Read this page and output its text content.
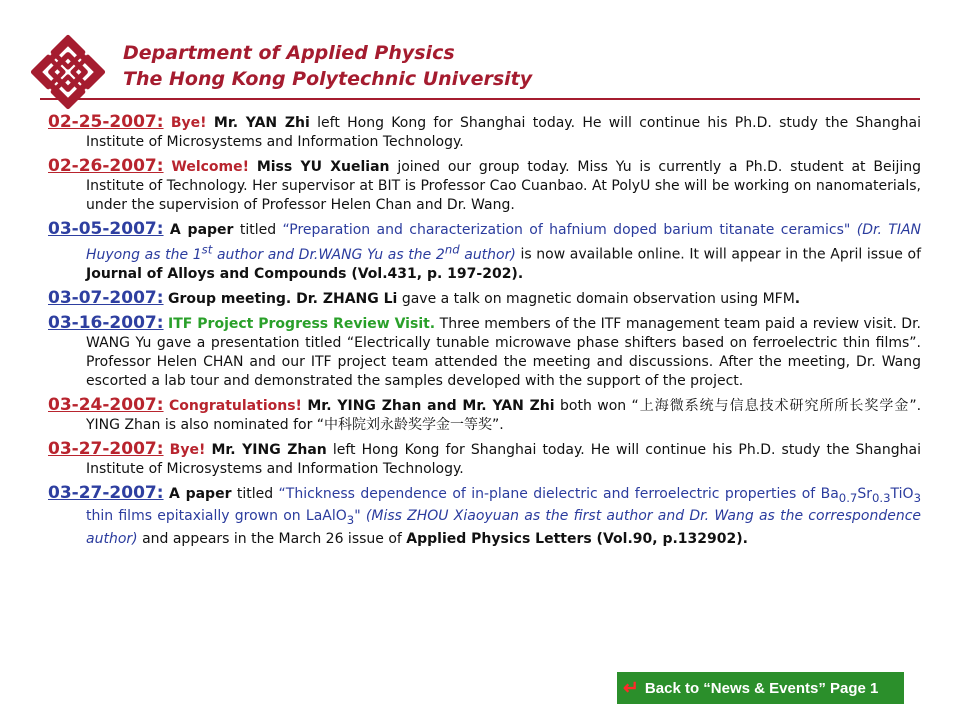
Department of Applied Physics
The Hong Kong Polytechnic University
02-25-2007: Bye! Mr. YAN Zhi left Hong Kong for Shanghai today. He will continue his Ph.D. study the Shanghai Institute of Microsystems and Information Technology.
02-26-2007: Welcome! Miss YU Xuelian joined our group today. Miss Yu is currently a Ph.D. student at Beijing Institute of Technology. Her supervisor at BIT is Professor Cao Cuanbao. At PolyU she will be working on nanomaterials, under the supervision of Professor Helen Chan and Dr. Wang.
03-05-2007: A paper titled “Preparation and characterization of hafnium doped barium titanate ceramics" (Dr. TIAN Huyong as the 1st author and Dr.WANG Yu as the 2nd author) is now available online. It will appear in the April issue of Journal of Alloys and Compounds (Vol.431, p. 197-202).
03-07-2007: Group meeting. Dr. ZHANG Li gave a talk on magnetic domain observation using MFM.
03-16-2007: ITF Project Progress Review Visit. Three members of the ITF management team paid a review visit. Dr. WANG Yu gave a presentation titled “Electrically tunable microwave phase shifters based on ferroelectric thin films”. Professor Helen CHAN and our ITF project team attended the meeting and discussions. After the meeting, Dr. Wang escorted a lab tour and demonstrated the samples developed with the support of the project.
03-24-2007: Congratulations! Mr. YING Zhan and Mr. YAN Zhi both won “上海微系统与信息技术研究所所长奖学金”. YING Zhan is also nominated for “中科院刘永龄奖学金一等奖”.
03-27-2007: Bye! Mr. YING Zhan left Hong Kong for Shanghai today. He will continue his Ph.D. study the Shanghai Institute of Microsystems and Information Technology.
03-27-2007: A paper titled “Thickness dependence of in-plane dielectric and ferroelectric properties of $Ba_{0.7}Sr_{0.3}TiO_3$ thin films epitaxially grown on LaAlO$_3$" (Miss ZHOU Xiaoyuan as the first author and Dr. Wang as the correspondence author) and appears in the March 26 issue of Applied Physics Letters (Vol.90, p.132902).
↵ Back to “News & Events” Page 1
